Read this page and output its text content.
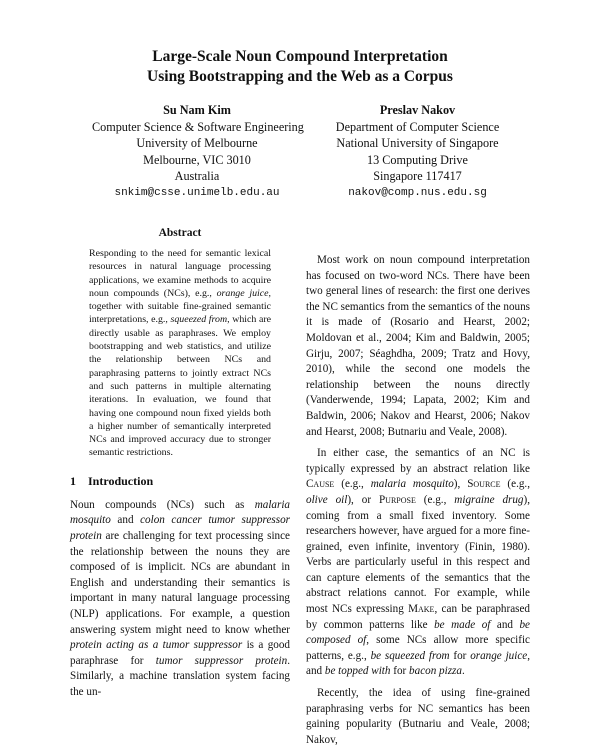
Large-Scale Noun Compound Interpretation
Using Bootstrapping and the Web as a Corpus
Su Nam Kim
Computer Science & Software Engineering
University of Melbourne
Melbourne, VIC 3010
Australia
snkim@csse.unimelb.edu.au
Preslav Nakov
Department of Computer Science
National University of Singapore
13 Computing Drive
Singapore 117417
nakov@comp.nus.edu.sg
Abstract

Responding to the need for semantic lexical resources in natural language processing applications, we examine methods to acquire noun compounds (NCs), e.g., orange juice, together with suitable fine-grained semantic interpretations, e.g., squeezed from, which are directly usable as paraphrases. We employ bootstrapping and web statistics, and utilize the relationship between NCs and paraphrasing patterns to jointly extract NCs and such patterns in multiple alternating iterations. In evaluation, we found that having one compound noun fixed yields both a higher number of semantically interpreted NCs and improved accuracy due to stronger semantic restrictions.

1 Introduction

Noun compounds (NCs) such as malaria mosquito and colon cancer tumor suppressor protein are challenging for text processing since the relationship between the nouns they are composed of is implicit. NCs are abundant in English and understanding their semantics is important in many natural language processing (NLP) applications. For example, a question answering system might need to know whether protein acting as a tumor suppressor is a good paraphrase for tumor suppressor protein. Similarly, a machine translation system facing the un-

Most work on noun compound interpretation has focused on two-word NCs. There have been two general lines of research: the first one derives the NC semantics from the semantics of the nouns it is made of (Rosario and Hearst, 2002; Moldovan et al., 2004; Kim and Baldwin, 2005; Girju, 2007; Séaghdha, 2009; Tratz and Hovy, 2010), while the second one models the relationship between the nouns directly (Vanderwende, 1994; Lapata, 2002; Kim and Baldwin, 2006; Nakov and Hearst, 2006; Nakov and Hearst, 2008; Butnariu and Veale, 2008).

In either case, the semantics of an NC is typically expressed by an abstract relation like Cause (e.g., malaria mosquito), Source (e.g., olive oil), or Purpose (e.g., migraine drug), coming from a small fixed inventory. Some researchers however, have argued for a more fine-grained, even infinite, inventory (Finin, 1980). Verbs are particularly useful in this respect and can capture elements of the semantics that the abstract relations cannot. For example, while most NCs expressing Make, can be paraphrased by common patterns like be made of and be composed of, some NCs allow more specific patterns, e.g., be squeezed from for orange juice, and be topped with for bacon pizza.

Recently, the idea of using fine-grained paraphrasing verbs for NC semantics has been gaining popularity (Butnariu and Veale, 2008; Nakov,
